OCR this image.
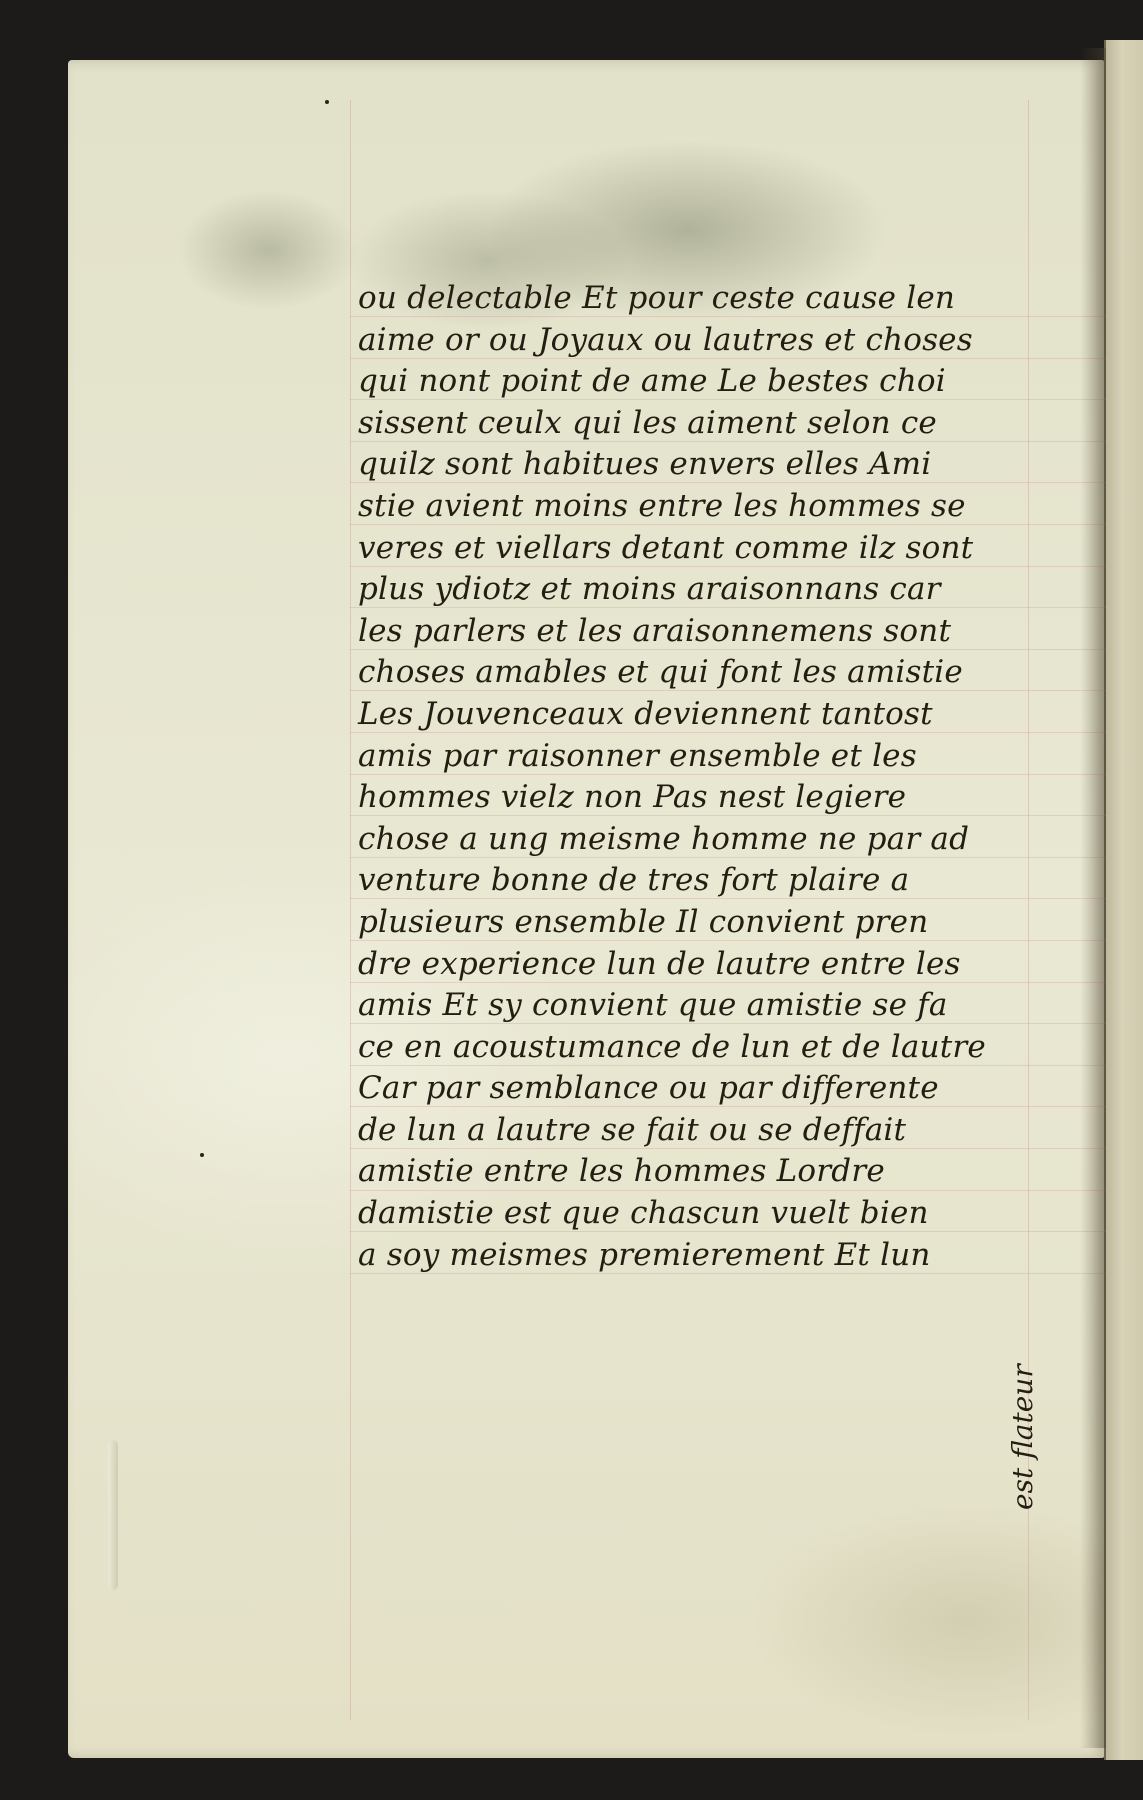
ou delectable Et pour ceste cause len
aime or ou Joyaux ou lautres et choses
qui nont point de ame Le bestes choi
sissent ceulx qui les aiment selon ce
quilz sont habitues envers elles Ami
stie avient moins entre les hommes se
veres et viellars detant comme ilz sont
plus ydiotz et moins araisonnans car
les parlers et les araisonnemens sont
choses amables et qui font les amistie
Les Jouvenceaux deviennent tantost
amis par raisonner ensemble et les
hommes vielz non Pas nest legiere
chose a ung meisme homme ne par ad
venture bonne de tres fort plaire a
plusieurs ensemble Il convient pren
dre experience lun de lautre entre les
amis Et sy convient que amistie se fa
ce en acoustumance de lun et de lautre
Car par semblance ou par differente
de lun a lautre se fait ou se deffait
amistie entre les hommes Lordre
damistie est que chascun vuelt bien
a soy meismes premierement Et lun
est flateur
